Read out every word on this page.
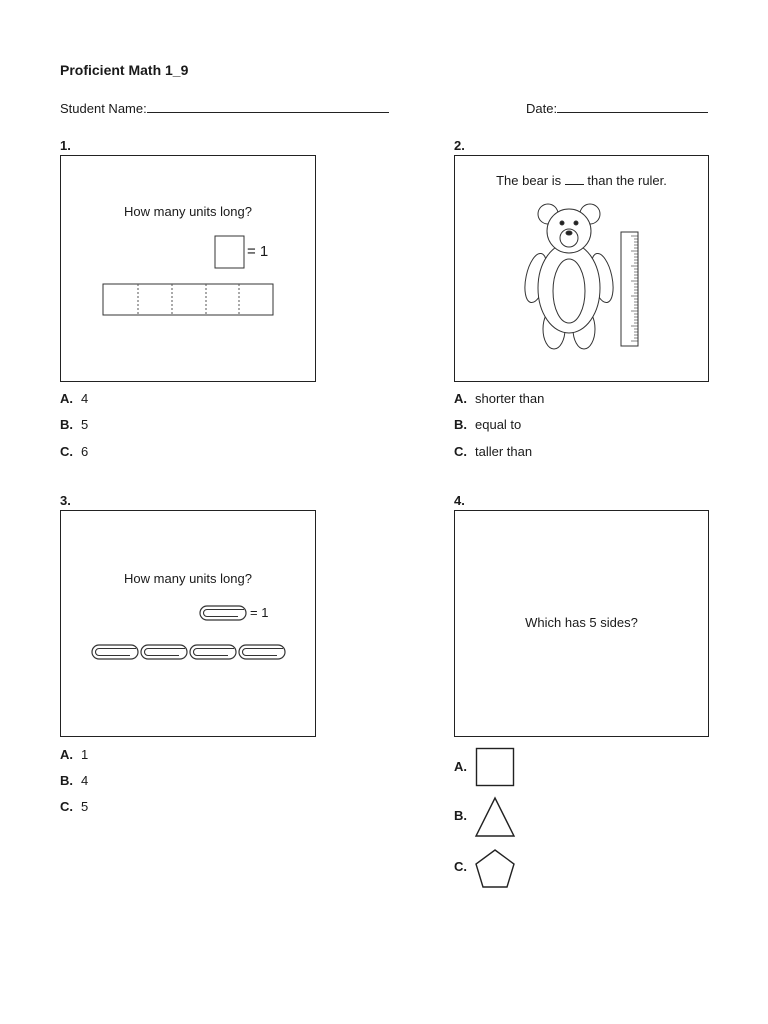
Proficient Math 1_9
Student Name:	Date:
1.
How many units long?
= 1
A. 4
B. 5
C. 6
2.
The bear is than the ruler.
A. shorter than
B. equal to
C. taller than
3.
How many units long?
= 1
A. 1
B. 4
C. 5
4.
Which has 5 sides?
A.
B.
C.
